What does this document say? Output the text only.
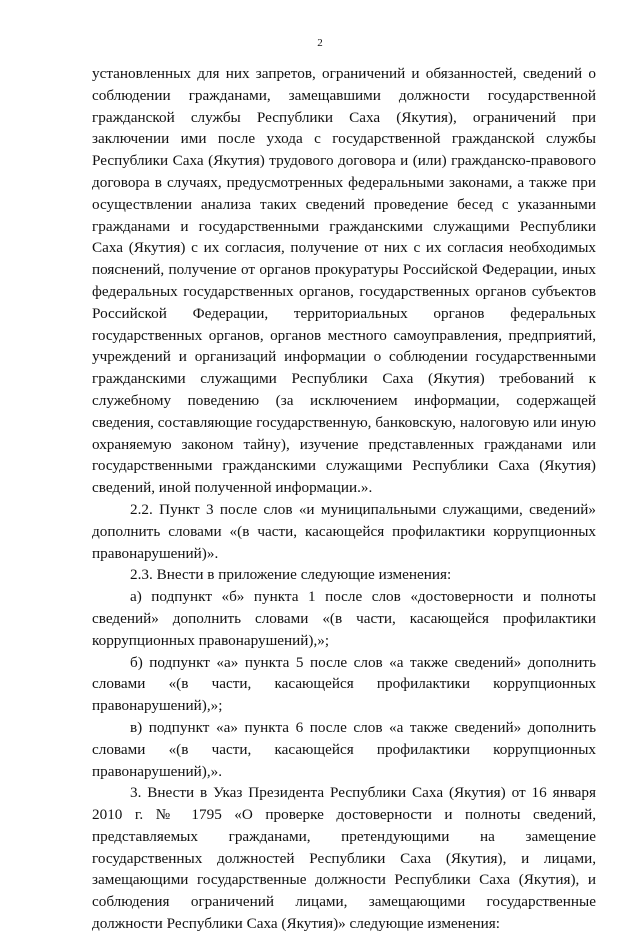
2

установленных для них запретов, ограничений и обязанностей, сведений о соблюдении гражданами, замещавшими должности государственной гражданской службы Республики Саха (Якутия), ограничений при заключении ими после ухода с государственной гражданской службы Республики Саха (Якутия) трудового договора и (или) гражданско-правового договора в случаях, предусмотренных федеральными законами, а также при осуществлении анализа таких сведений проведение бесед с указанными гражданами и государственными гражданскими служащими Республики Саха (Якутия) с их согласия, получение от них с их согласия необходимых пояснений, получение от органов прокуратуры Российской Федерации, иных федеральных государственных органов, государственных органов субъектов Российской Федерации, территориальных органов федеральных государственных органов, органов местного самоуправления, предприятий, учреждений и организаций информации о соблюдении государственными гражданскими служащими Республики Саха (Якутия) требований к служебному поведению (за исключением информации, содержащей сведения, составляющие государственную, банковскую, налоговую или иную охраняемую законом тайну), изучение представленных гражданами или государственными гражданскими служащими Республики Саха (Якутия) сведений, иной полученной информации.».

2.2. Пункт 3 после слов «и муниципальными служащими, сведений» дополнить словами «(в части, касающейся профилактики коррупционных правонарушений)».

2.3. Внести в приложение следующие изменения:

а) подпункт «б» пункта 1 после слов «достоверности и полноты сведений» дополнить словами «(в части, касающейся профилактики коррупционных правонарушений),»;

б) подпункт «а» пункта 5 после слов «а также сведений» дополнить словами «(в части, касающейся профилактики коррупционных правонарушений),»;

в) подпункт «а» пункта 6 после слов «а также сведений» дополнить словами «(в части, касающейся профилактики коррупционных правонарушений),».

3. Внести в Указ Президента Республики Саха (Якутия) от 16 января 2010 г. № 1795 «О проверке достоверности и полноты сведений, представляемых гражданами, претендующими на замещение государственных должностей Республики Саха (Якутия), и лицами, замещающими государственные должности Республики Саха (Якутия), и соблюдения ограничений лицами, замещающими государственные должности Республики Саха (Якутия)» следующие изменения:
